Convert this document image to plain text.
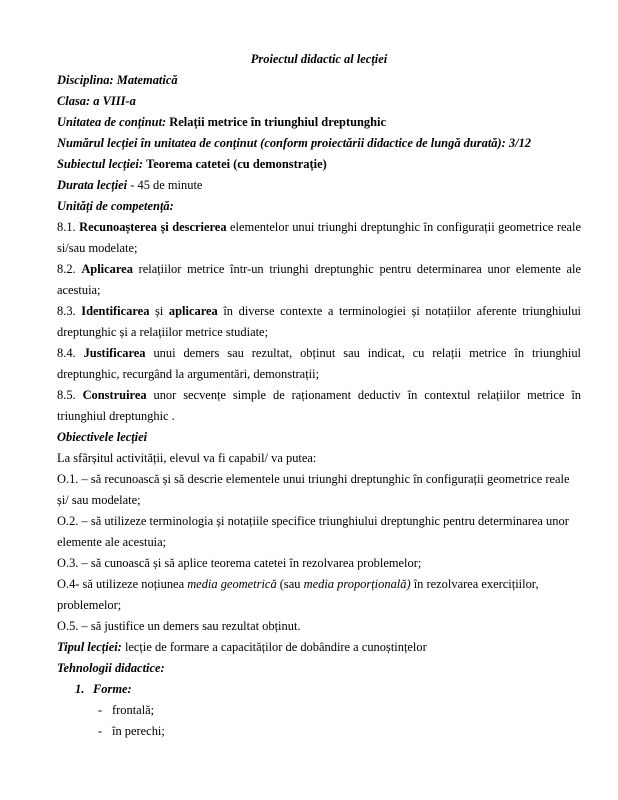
Proiectul didactic al lecției

Disciplina: Matematică

Clasa: a VIII-a

Unitatea de conținut: Relații metrice în triunghiul dreptunghic

Numărul lecției în unitatea de conținut (conform proiectării didactice de lungă durată): 3/12

Subiectul lecției: Teorema catetei (cu demonstrație)

Durata lecției - 45 de minute

Unități de competență:

8.1. Recunoașterea și descrierea elementelor unui triunghi dreptunghic în configurații geometrice reale si/sau modelate;

8.2. Aplicarea relațiilor metrice într-un triunghi dreptunghic pentru determinarea unor elemente ale acestuia;

8.3. Identificarea și aplicarea în diverse contexte a terminologiei și notațiilor aferente triunghiului dreptunghic și a relațiilor metrice studiate;

8.4. Justificarea unui demers sau rezultat, obținut sau indicat, cu relații metrice în triunghiul dreptunghic, recurgând la argumentări, demonstrații;

8.5. Construirea unor secvențe simple de raționament deductiv în contextul relațiilor metrice în triunghiul dreptunghic .

Obiectivele lecției

La sfârșitul activității, elevul va fi capabil/ va putea:

O.1. – să recunoască și să descrie elementele unui triunghi dreptunghic în configurații geometrice reale și/ sau modelate;

O.2. – să utilizeze terminologia și notațiile specifice triunghiului dreptunghic pentru determinarea unor elemente ale acestuia;

O.3. – să cunoască și să aplice teorema catetei în rezolvarea problemelor;

O.4- să utilizeze noțiunea media geometrică (sau media proporțională) în rezolvarea exercițiilor, problemelor;

O.5. – să justifice un demers sau rezultat obținut.

Tipul lecției: lecție de formare a capacităților de dobândire a cunoștințelor

Tehnologii didactice:

1. Forme:

- frontală;

- în perechi;
